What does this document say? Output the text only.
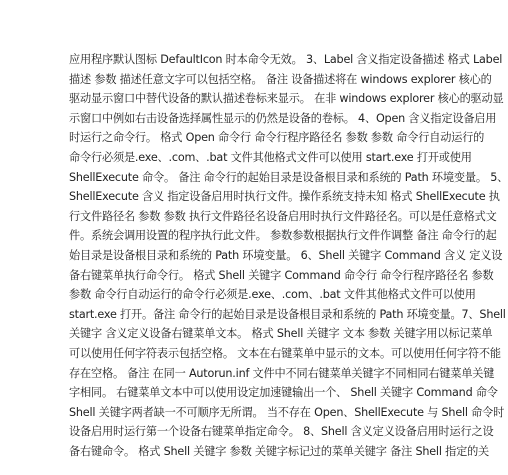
应用程序默认图标 DefaultIcon 时本命令无效。 3、Label 含义指定设备描述 格式 Label
描述 参数 描述任意文字可以包括空格。 备注 设备描述将在 windows explorer 核心的
驱动显示窗口中替代设备的默认描述卷标来显示。 在非 windows explorer 核心的驱动显
示窗口中例如右击设备选择属性显示的仍然是设备的卷标。 4、Open 含义指定设备启用
时运行之命令行。 格式 Open 命令行 命令行程序路径名 参数 参数 命令行自动运行的
命令行必须是.exe、.com、.bat 文件其他格式文件可以使用 start.exe 打开或使用
ShellExecute 命令。 备注 命令行的起始目录是设备根目录和系统的 Path 环境变量。 5、
ShellExecute 含义 指定设备启用时执行文件。操作系统支持未知 格式 ShellExecute 执
行文件路径名 参数 参数 执行文件路径名设备启用时执行文件路径名。可以是任意格式文
件。系统会调用设置的程序执行此文件。 参数参数根据执行文件作调整 备注 命令行的起
始目录是设备根目录和系统的 Path 环境变量。 6、Shell 关键字 Command 含义 定义设
备右键菜单执行命令行。 格式 Shell 关键字 Command 命令行 命令行程序路径名 参数
参数 命令行自动运行的命令行必须是.exe、.com、.bat 文件其他格式文件可以使用
start.exe 打开。备注 命令行的起始目录是设备根目录和系统的 Path 环境变量。7、Shell
关键字 含义定义设备右键菜单文本。 格式 Shell 关键字 文本 参数 关键字用以标记菜单
可以使用任何字符表示包括空格。 文本在右键菜单中显示的文本。可以使用任何字符不能
存在空格。 备注 在同一 Autorun.inf 文件中不同右键菜单关键字不同相同右键菜单关键
字相同。 右键菜单文本中可以使用设定加速键输出一个、 Shell 关键字 Command 命令
Shell 关键字两者缺一不可顺序无所谓。 当不存在 Open、ShellExecute 与 Shell 命令时
设备启用时运行第一个设备右键菜单指定命令。 8、Shell 含义定义设备启用时运行之设
备右键命令。 格式 Shell 关键字 参数 关键字标记过的菜单关键字 备注 Shell 指定的关
